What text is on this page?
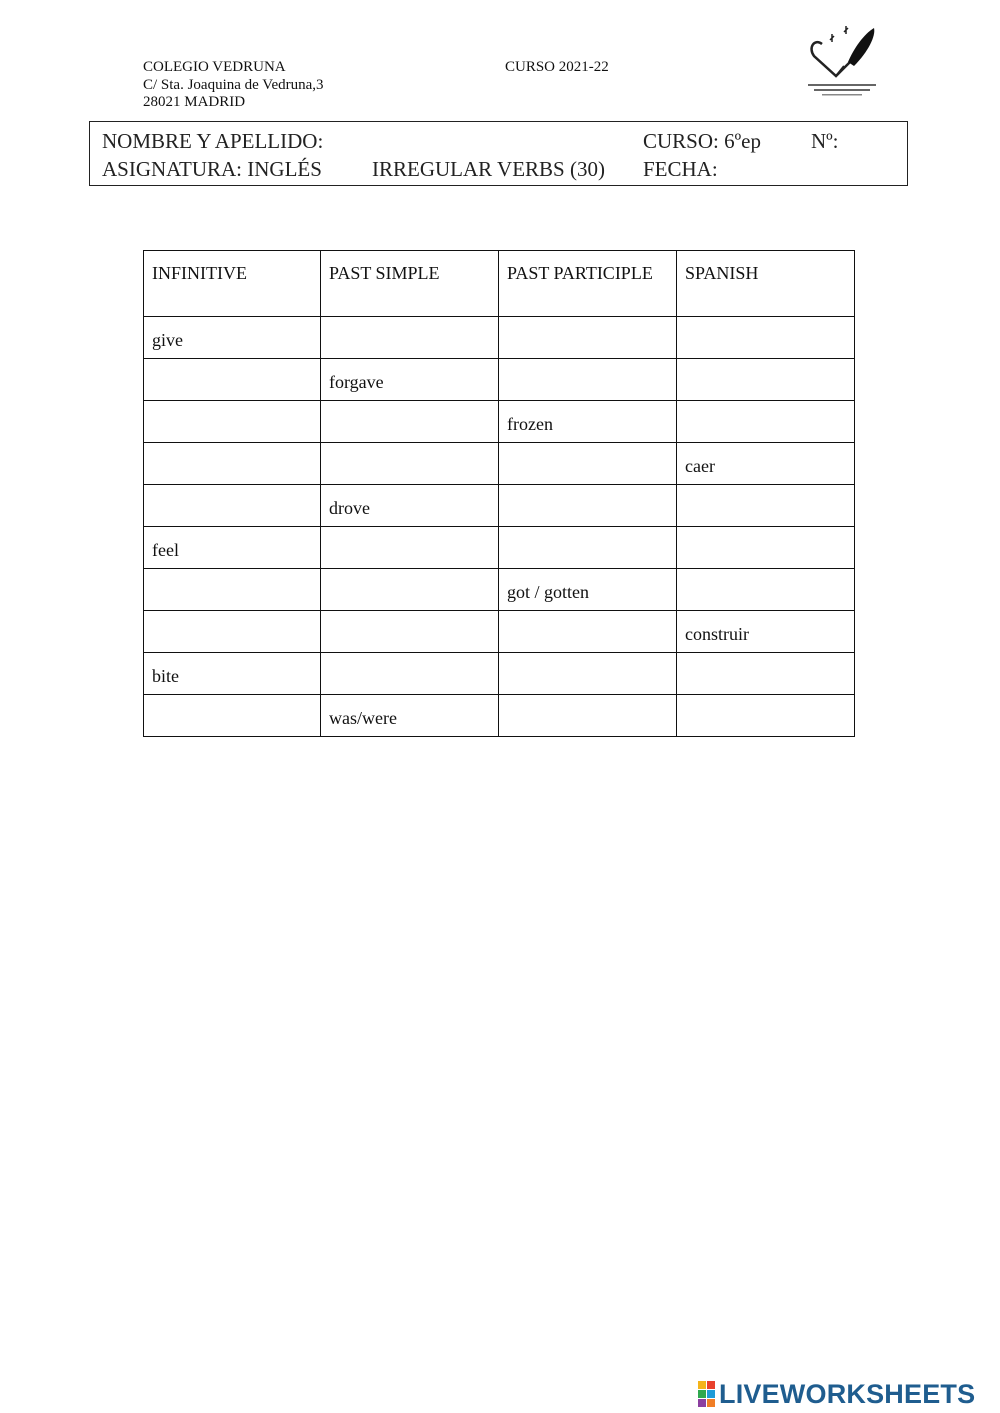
COLEGIO VEDRUNA
C/ Sta. Joaquina de Vedruna,3
28021 MADRID
CURSO 2021-22
NOMBRE Y APELLIDO:	CURSO: 6ºep Nº:
ASIGNATURA: INGLÉS IRREGULAR VERBS (30) FECHA:
INFINITIVE	PAST SIMPLE	PAST PARTICIPLE	SPANISH
give			
	forgave		
		frozen	
			caer
	drove		
feel			
		got / gotten	
			construir
bite			
	was/were		
LIVEWORKSHEETS
